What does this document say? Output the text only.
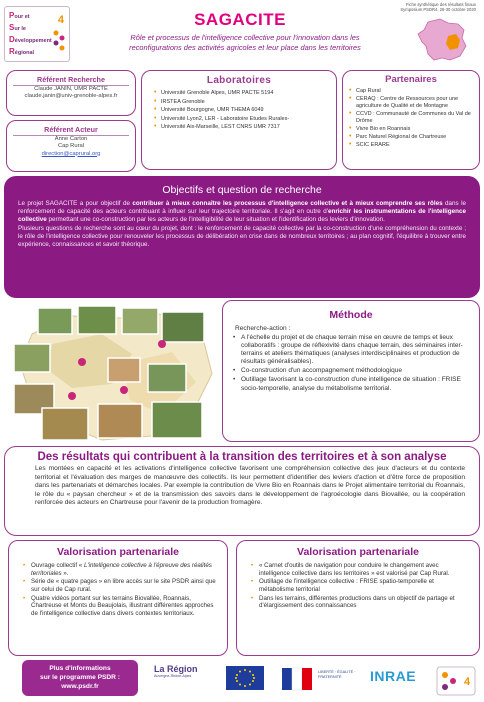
Pour et
Sur le
Développement
Régional
4
Fiche synthétique des résultats finaux
Symposium PSDR4, 28-30 octobre 2020
SAGACITE
Rôle et processus de l'intelligence collective pour l'innovation dans les
reconfigurations des activités agricoles et leur place dans les territoires
Référent Recherche
Claude JANIN, UMR PACTE
claude.janin@univ-grenoble-alpes.fr
Référent Acteur
Anne Carton
Cap Rural
direction@caprural.org
Laboratoires
• Université Grenoble Alpes, UMR PACTE 5194
• IRSTEA Grenoble
• Université Bourgogne, UMR THEMA 6049
• Université Lyon2, LER - Laboratoire Etudes Rurales-
• Université Aix-Marseille, LEST CNRS UMR 7317
Partenaires
• Cap Rural
• CERAQ : Centre de Ressources pour une agriculture de Qualité et de Montagne
• CCVD : Communauté de Communes du Val de Drôme
• Vivre Bio en Roannais
• Parc Naturel Régional de Chartreuse
• SCIC ERARE
Objectifs et question de recherche
Le projet SAGACITE a pour objectif de contribuer à mieux connaître les processus d'intelligence collective et à mieux comprendre ses rôles dans le renforcement de capacité des acteurs contribuant à influer sur leur trajectoire territoriale. Il s'agit en outre d'enrichir les instrumentations de l'intelligence collective permettant une co-construction par les acteurs de l'intelligibilité de leur situation et l'identification des leviers d'innovation.
Plusieurs questions de recherche sont au cœur du projet, dont : le renforcement de capacité collective par la co-construction d'une compréhension du contexte ; le rôle de l'intelligence collective pour renouveler les processus de délibération en crise dans de nombreux territoires ; au plan cognitif, l'équilibre à trouver entre expérience, connaissances et savoir théorique.
Méthode
Recherche-action :
• A l'échelle du projet et de chaque terrain mise en œuvre de temps et lieux collaboratifs : groupe de réflexivité dans chaque terrain, des séminaires inter-terrains et ateliers thématiques (analyses interdisciplinaires et production de résultats généralisables).
• Co-construction d'un accompagnement méthodologique
• Outillage favorisant la co-construction d'une intelligence de situation : FRISE socio-temporelle, analyse du métabolisme territorial.
Des résultats qui contribuent à la transition des territoires et à son analyse
Les montées en capacité et les activations d'intelligence collective favorisent une compréhension collective des jeux d'acteurs et du contexte territorial et l'évaluation des marges de manœuvre des collectifs. Ils leur permettent d'identifier des leviers d'action et d'être force de proposition dans les partenariats et démarches locales. Par exemple la contribution de Vivre Bio en Roannais dans le Projet alimentaire territorial du Roannais, le rôle du « paysan chercheur » et de la transmission des savoirs dans le développement de l'agroécologie dans Biovallée, ou la coopération renforcée des acteurs en Chartreuse pour l'avenir de la production fromagère.
Valorisation partenariale
• Ouvrage collectif « L'intelligence collective à l'épreuve des réalités territoriales ».
• Série de « quatre pages » en libre accès sur le site PSDR ainsi que sur celui de Cap rural.
• Quatre vidéos portant sur les terrains Biovallée, Roannais, Chartreuse et Monts du Beaujolais, illustrant différentes approches de l'intelligence collective dans divers contextes territoriaux.
Valorisation partenariale
• « Carnet d'outils de navigation pour conduire le changement avec intelligence collective dans les territoires » est valorisé par Cap Rural.
• Outillage de l'intelligence collective : FRISE spatio-temporelle et métabolisme territorial
• Dans les terrains, différentes productions dans un objectif de partage et d'élargissement des connaissances
Plus d'informations
sur le programme PSDR :
www.psdr.fr
La Région
Auvergne-Rhône-Alpes
LIBERTÉ · ÉGALITÉ · FRATERNITÉ	INRAE	4
